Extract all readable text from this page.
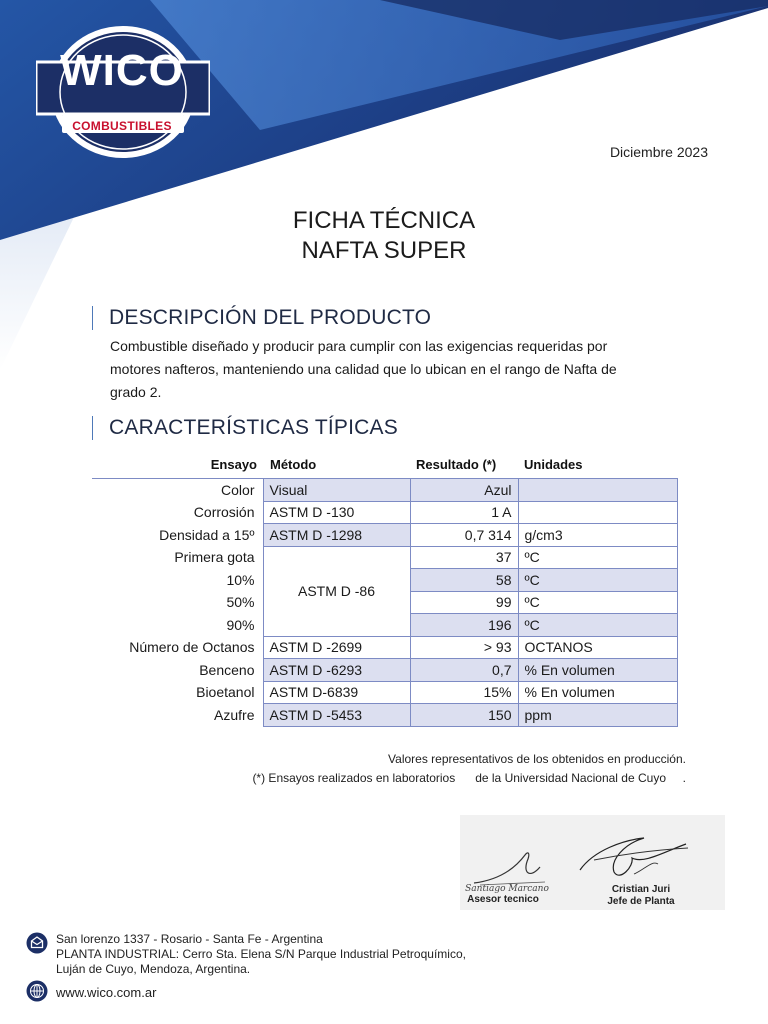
WICO
COMBUSTIBLES
Diciembre 2023
FICHA TÉCNICA
NAFTA SUPER
DESCRIPCIÓN DEL PRODUCTO
Combustible diseñado y producir para cumplir con las exigencias requeridas por motores nafteros, manteniendo una calidad que lo ubican en el rango de Nafta de grado 2.
CARACTERÍSTICAS TÍPICAS
Ensayo	Método	Resultado (*)	Unidades
Color	Visual	Azul	
Corrosión	ASTM D -130	1 A	
Densidad a 15º	ASTM D -1298	0,7 314	g/cm3
Primera gota	ASTM D -86	37	ºC
10%		58	ºC
50%		99	ºC
90%		196	ºC
Número de Octanos	ASTM D -2699	> 93	OCTANOS
Benceno	ASTM D -6293	0,7	% En volumen
Bioetanol	ASTM D-6839	15%	% En volumen
Azufre	ASTM D -5453	150	ppm
Valores representativos de los obtenidos en producción.
(*) Ensayos realizados en laboratorios      de la Universidad Nacional de Cuyo     .
Santiago Marcano
Asesor tecnico
Cristian Juri
Jefe de Planta
San lorenzo 1337 - Rosario - Santa Fe - Argentina
PLANTA INDUSTRIAL: Cerro Sta. Elena S/N Parque Industrial Petroquímico,
Luján de Cuyo, Mendoza, Argentina.
www.wico.com.ar
